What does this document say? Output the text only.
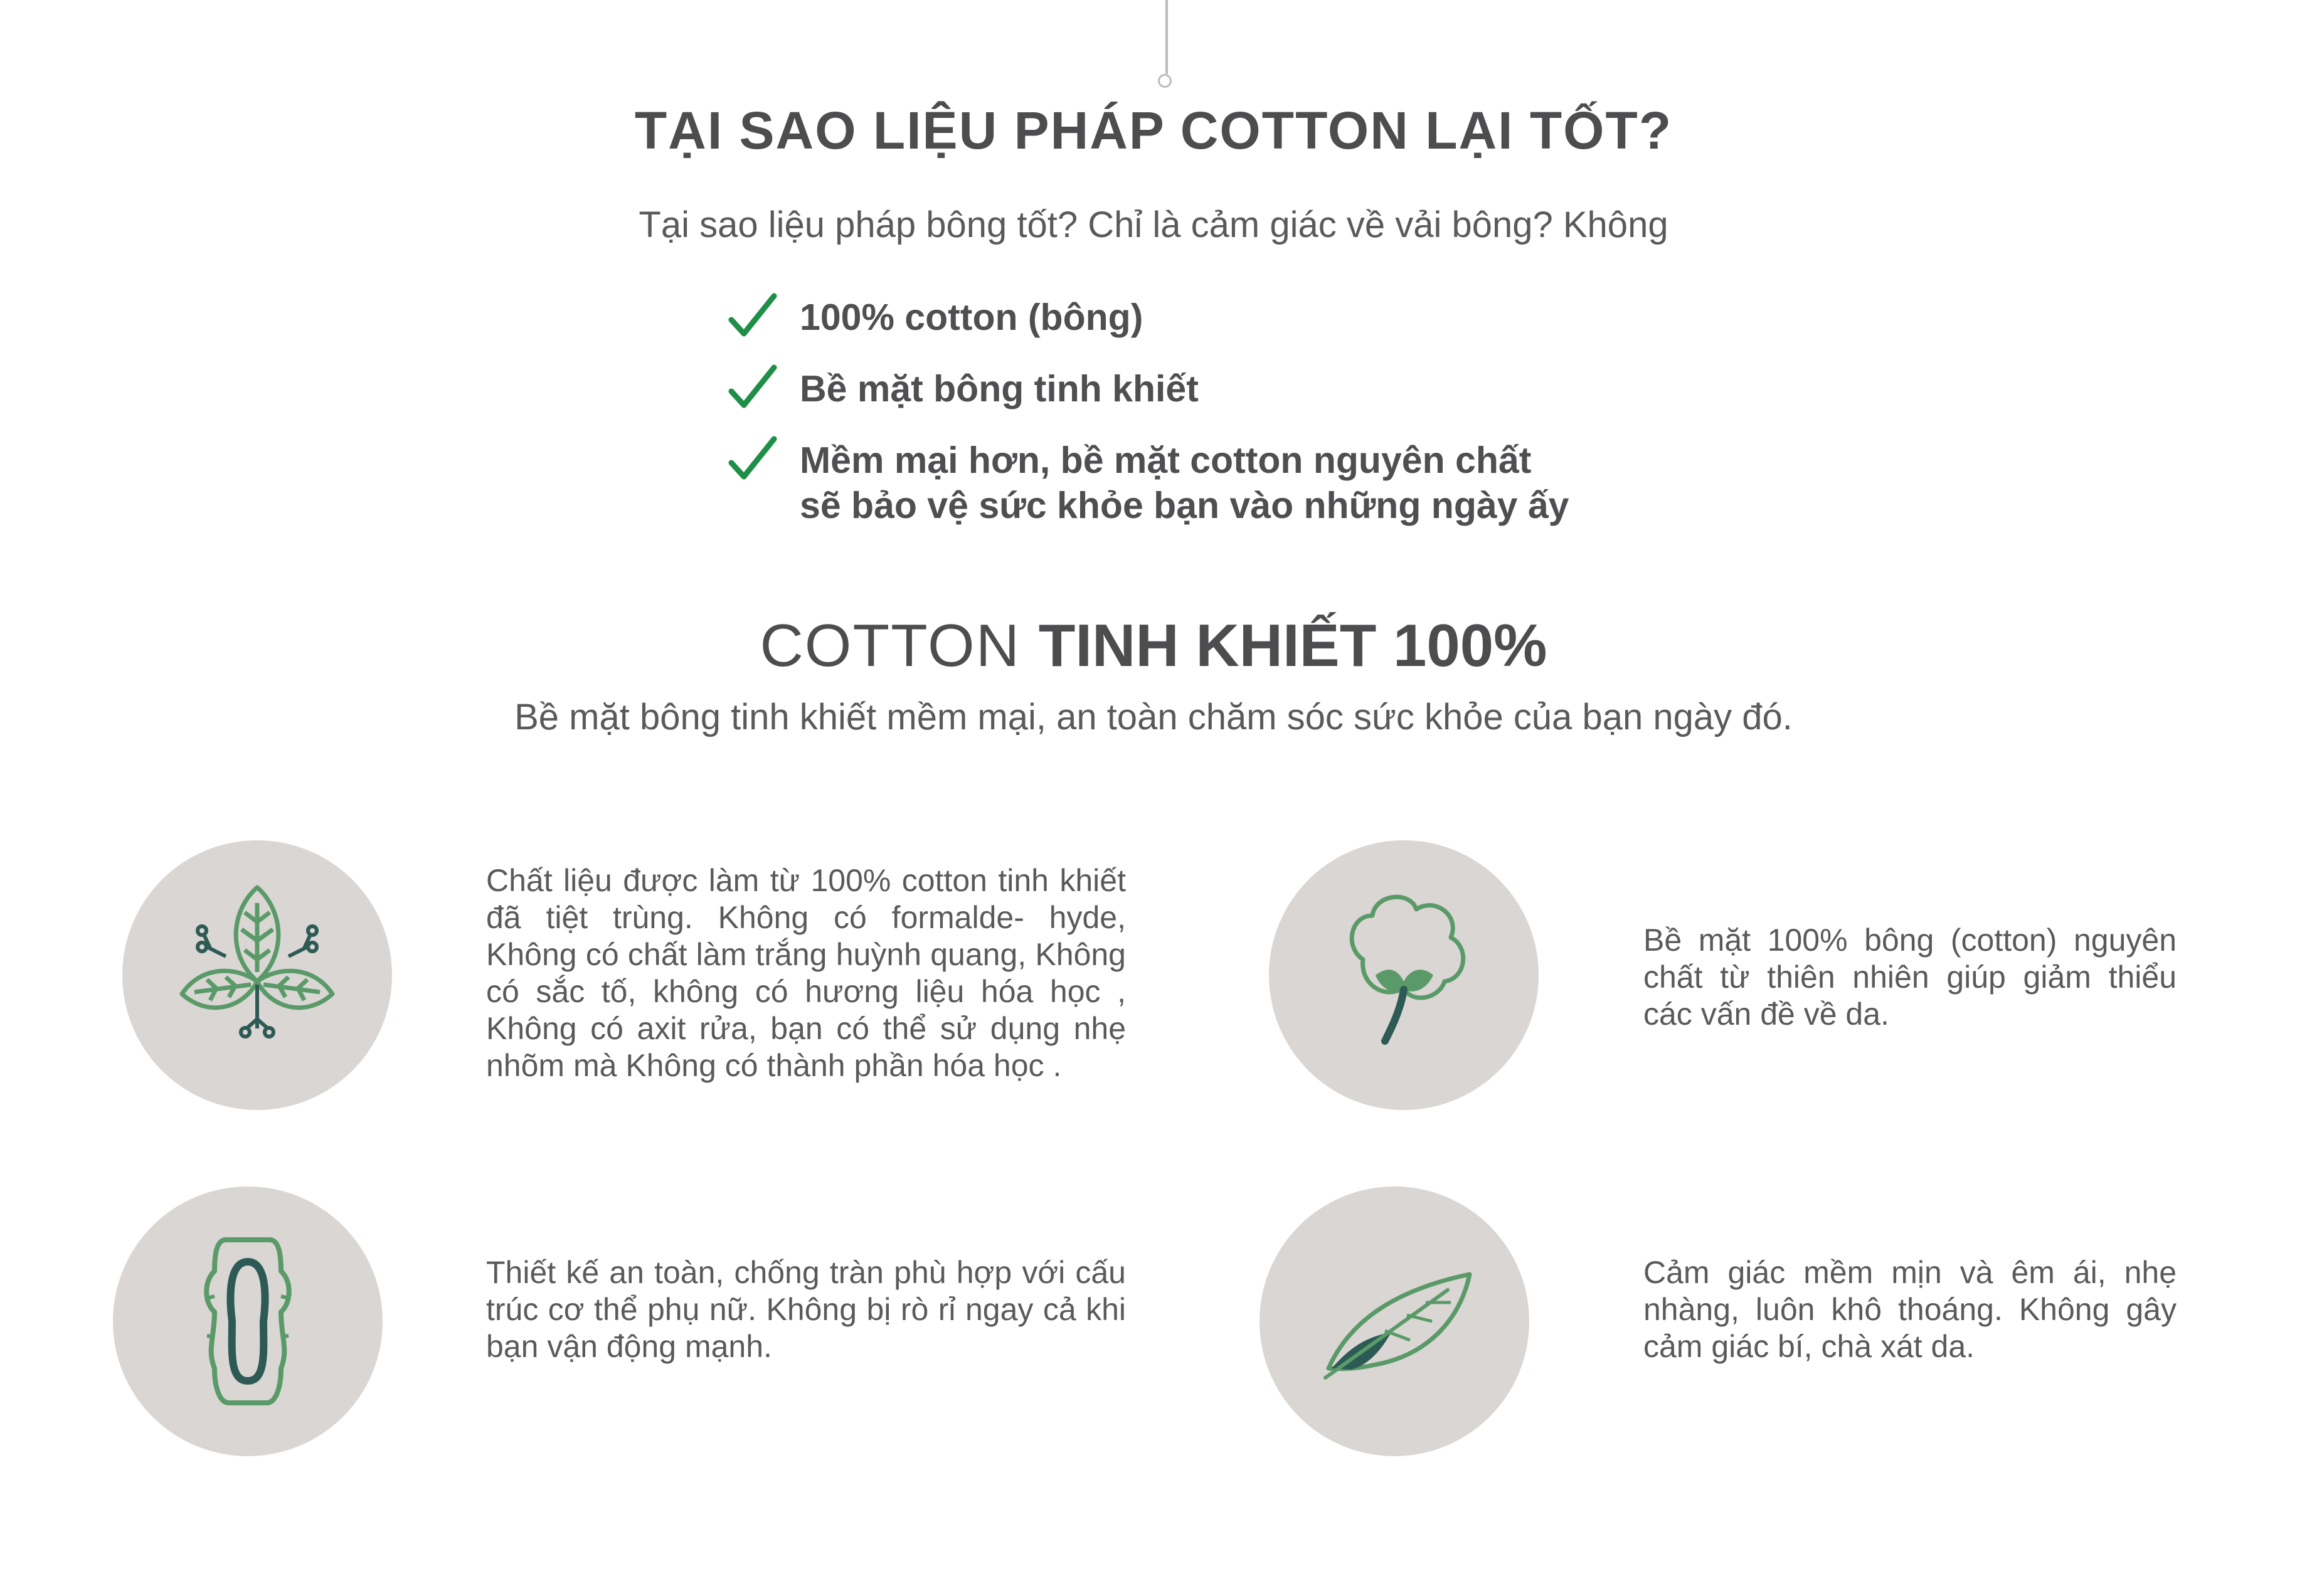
TẠI SAO LIỆU PHÁP COTTON LẠI TỐT?
Tại sao liệu pháp bông tốt? Chỉ là cảm giác về vải bông? Không
100% cotton (bông)
Bề mặt bông tinh khiết
Mềm mại hơn, bề mặt cotton nguyên chất
sẽ bảo vệ sức khỏe bạn vào những ngày ấy
COTTON TINH KHIẾT 100%
Bề mặt bông tinh khiết mềm mại, an toàn chăm sóc sức khỏe của bạn ngày đó.
Chất liệu được làm từ 100% cotton tinh khiết đã tiệt trùng. Không có formalde- hyde, Không có chất làm trắng huỳnh quang, Không có sắc tố, không có hương liệu hóa học , Không có axit rửa, bạn có thể sử dụng nhẹ nhõm mà Không có thành phần hóa học .
Bề mặt 100% bông (cotton) nguyên chất từ thiên nhiên giúp giảm thiểu các vấn đề về da.
Thiết kế an toàn, chống tràn phù hợp với cấu trúc cơ thể phụ nữ. Không bị rò rỉ ngay cả khi bạn vận động mạnh.
Cảm giác mềm mịn và êm ái, nhẹ nhàng, luôn khô thoáng. Không gây cảm giác bí, chà xát da.
